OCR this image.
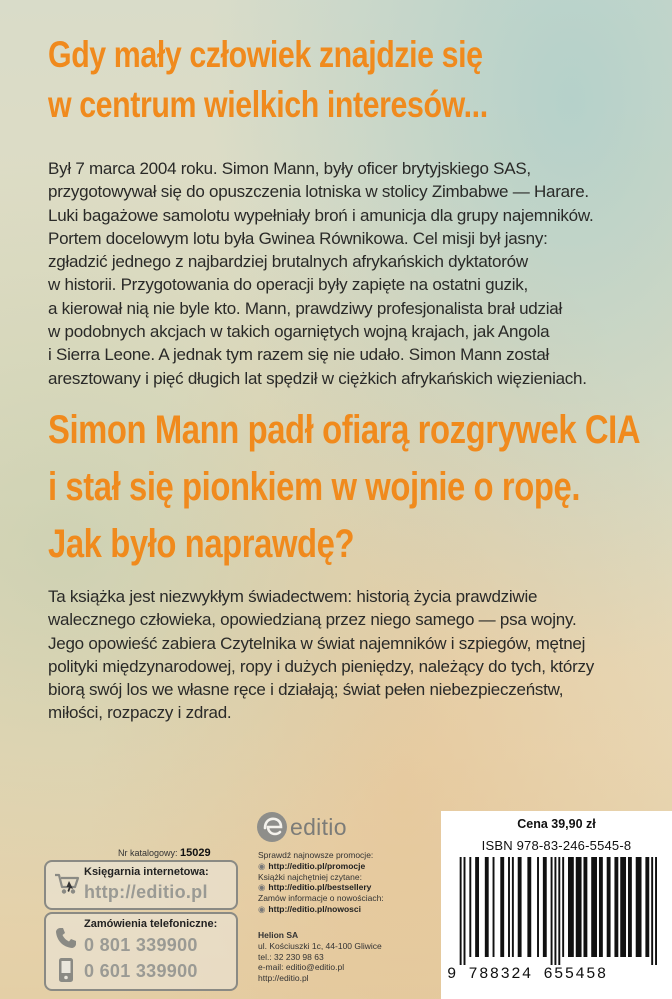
Gdy mały człowiek znajdzie się
w centrum wielkich interesów...
Był 7 marca 2004 roku. Simon Mann, były oficer brytyjskiego SAS,
przygotowywał się do opuszczenia lotniska w stolicy Zimbabwe — Harare.
Luki bagażowe samolotu wypełniały broń i amunicja dla grupy najemników.
Portem docelowym lotu była Gwinea Równikowa. Cel misji był jasny:
zgładzić jednego z najbardziej brutalnych afrykańskich dyktatorów
w historii. Przygotowania do operacji były zapięte na ostatni guzik,
a kierował nią nie byle kto. Mann, prawdziwy profesjonalista brał udział
w podobnych akcjach w takich ogarniętych wojną krajach, jak Angola
i Sierra Leone. A jednak tym razem się nie udało. Simon Mann został
aresztowany i pięć długich lat spędził w ciężkich afrykańskich więzieniach.
Simon Mann padł ofiarą rozgrywek CIA
i stał się pionkiem w wojnie o ropę.
Jak było naprawdę?
Ta książka jest niezwykłym świadectwem: historią życia prawdziwie
walecznego człowieka, opowiedzianą przez niego samego — psa wojny.
Jego opowieść zabiera Czytelnika w świat najemników i szpiegów, mętnej
polityki międzynarodowej, ropy i dużych pieniędzy, należący do tych, którzy
biorą swój los we własne ręce i działają; świat pełen niebezpieczeństw,
miłości, rozpaczy i zdrad.
Nr katalogowy: 15029
Księgarnia internetowa:
http://editio.pl
Zamówienia telefoniczne:
0 801 339900
0 601 339900
editio
Sprawdź najnowsze promocje:
◉ http://editio.pl/promocje
Książki najchętniej czytane:
◉ http://editio.pl/bestsellery
Zamów informacje o nowościach:
◉ http://editio.pl/nowosci
Helion SA
ul. Kościuszki 1c, 44-100 Gliwice
tel.: 32 230 98 63
e-mail: editio@editio.pl
http://editio.pl
Cena 39,90 zł
ISBN 978-83-246-5545-8
9 788324 655458
